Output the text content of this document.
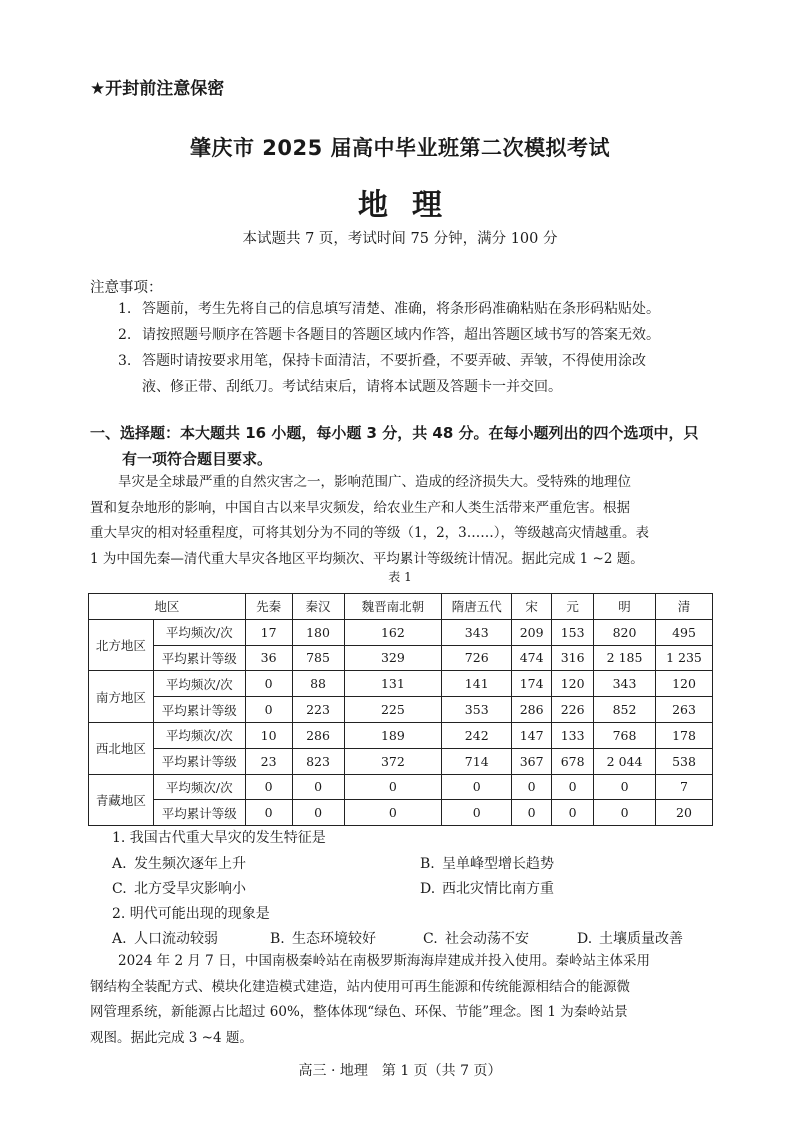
★开封前注意保密
肇庆市 2025 届高中毕业班第二次模拟考试
地理
本试题共 7 页，考试时间 75 分钟，满分 100 分
注意事项：
1. 答题前，考生先将自己的信息填写清楚、准确，将条形码准确粘贴在条形码粘贴处。
2. 请按照题号顺序在答题卡各题目的答题区域内作答，超出答题区域书写的答案无效。
3. 答题时请按要求用笔，保持卡面清洁，不要折叠，不要弄破、弄皱，不得使用涂改
液、修正带、刮纸刀。考试结束后，请将本试题及答题卡一并交回。
一、选择题：本大题共 16 小题，每小题 3 分，共 48 分。在每小题列出的四个选项中，只
有一项符合题目要求。
旱灾是全球最严重的自然灾害之一，影响范围广、造成的经济损失大。受特殊的地理位
置和复杂地形的影响，中国自古以来旱灾频发，给农业生产和人类生活带来严重危害。根据
重大旱灾的相对轻重程度，可将其划分为不同的等级（1，2，3……），等级越高灾情越重。表
1 为中国先秦—清代重大旱灾各地区平均频次、平均累计等级统计情况。据此完成 1 ~2 题。
表 1
地区		先秦	秦汉	魏晋南北朝	隋唐五代	宋	元	明	清
北方地区	平均频次/次	17	180	162	343	209	153	820	495
	平均累计等级	36	785	329	726	474	316	2 185	1 235
南方地区	平均频次/次	0	88	131	141	174	120	343	120
	平均累计等级	0	223	225	353	286	226	852	263
西北地区	平均频次/次	10	286	189	242	147	133	768	178
	平均累计等级	23	823	372	714	367	678	2 044	538
青藏地区	平均频次/次	0	0	0	0	0	0	0	7
	平均累计等级	0	0	0	0	0	0	0	20
1. 我国古代重大旱灾的发生特征是
A. 发生频次逐年上升	B. 呈单峰型增长趋势
C. 北方受旱灾影响小	D. 西北灾情比南方重
2. 明代可能出现的现象是
A. 人口流动较弱	B. 生态环境较好	C. 社会动荡不安	D. 土壤质量改善
2024 年 2 月 7 日，中国南极秦岭站在南极罗斯海海岸建成并投入使用。秦岭站主体采用
钢结构全装配方式、模块化建造模式建造，站内使用可再生能源和传统能源相结合的能源微
网管理系统，新能源占比超过 60%，整体体现“绿色、环保、节能”理念。图 1 为秦岭站景
观图。据此完成 3 ~4 题。
高三 · 地理　第 1 页（共 7 页）
